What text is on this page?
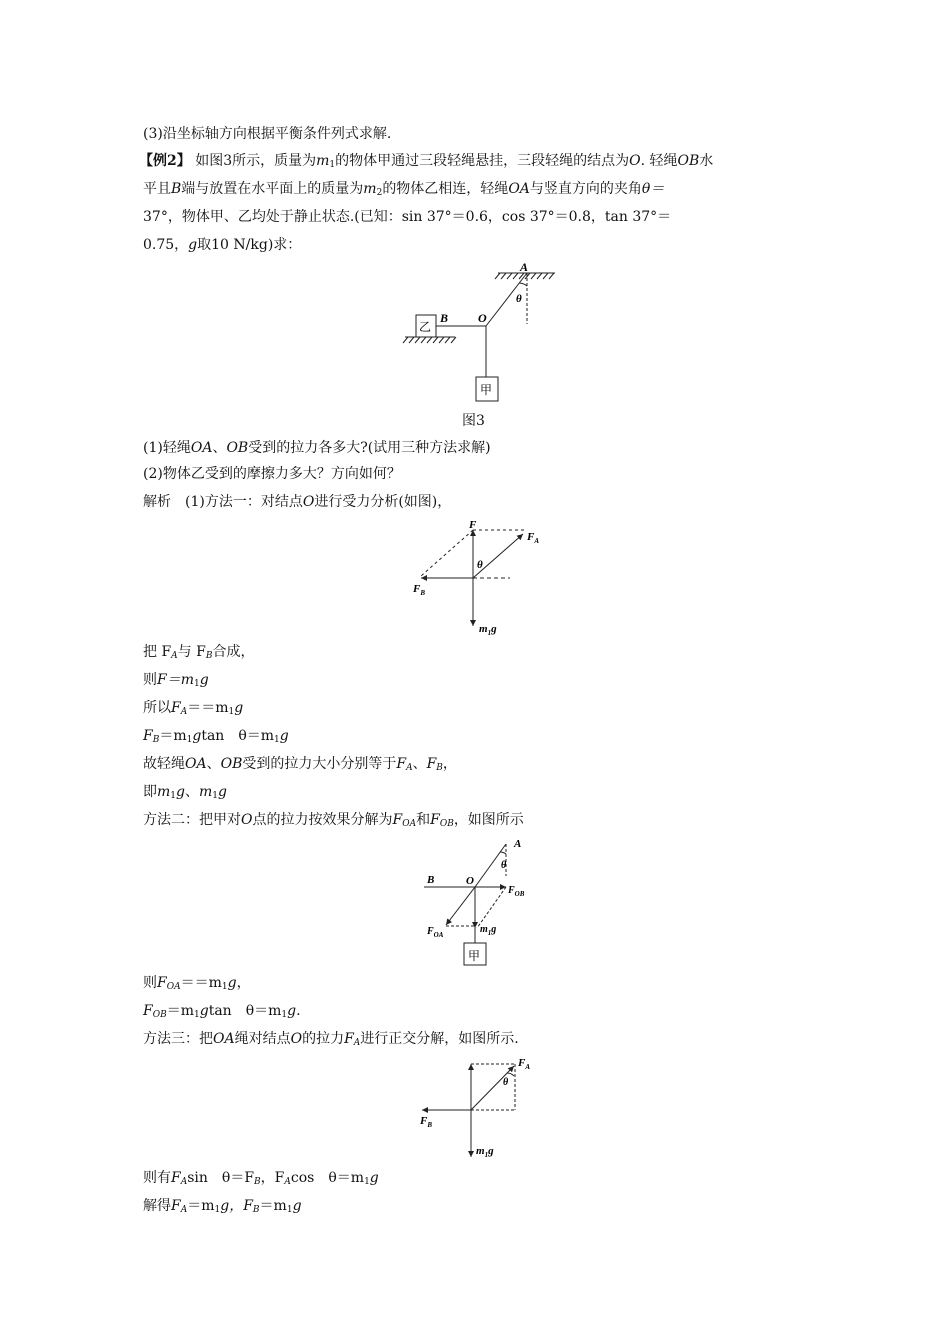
(3)沿坐标轴方向根据平衡条件列式求解.
【例2】 如图3所示，质量为$m_1$的物体甲通过三段轻绳悬挂，三段轻绳的结点为O. 轻绳OB水
平且B端与放置在水平面上的质量为$m_2$的物体乙相连，轻绳OA与竖直方向的夹角θ＝
37°，物体甲、乙均处于静止状态.(已知：sin 37°＝0.6，cos 37°＝0.8，tan 37°＝
0.75，g取10 N/kg)求：
A
θ
B O
乙
甲
图3
(1)轻绳OA、OB受到的拉力各多大?(试用三种方法求解)
(2)物体乙受到的摩擦力多大？方向如何？
解析　(1)方法一：对结点O进行受力分析(如图)，
F
$F_A$
θ
$F_B$
$m_1g$
把 $F_A$与 $F_B$合成，
则$F=m_1g$
所以$F_A==m_1g$
$F_B=m_1gtan$　$\theta=m_1g$
故轻绳OA、OB受到的拉力大小分别等于$F_A$、$F_B$，
即$m_1g$、$m_1g$
方法二：把甲对O点的拉力按效果分解为$F_{OA}$和$F_{OB}$，如图所示
A
θ
B	O
$F_{OB}$
$F_{OA}$	$m_1g$
甲
则$F_{OA}==m_1g$，
$F_{OB}=m_1gtan$　$\theta=m_1g$.
方法三：把OA绳对结点O的拉力$F_A$进行正交分解，如图所示.
$F_A$
θ
$F_B$
$m_1g$
则有$F_A\sin$　$\theta=F_B$，$F_A\cos$　$\theta=m_1g$
解得$F_A=m_1g$，$F_B=m_1g$
